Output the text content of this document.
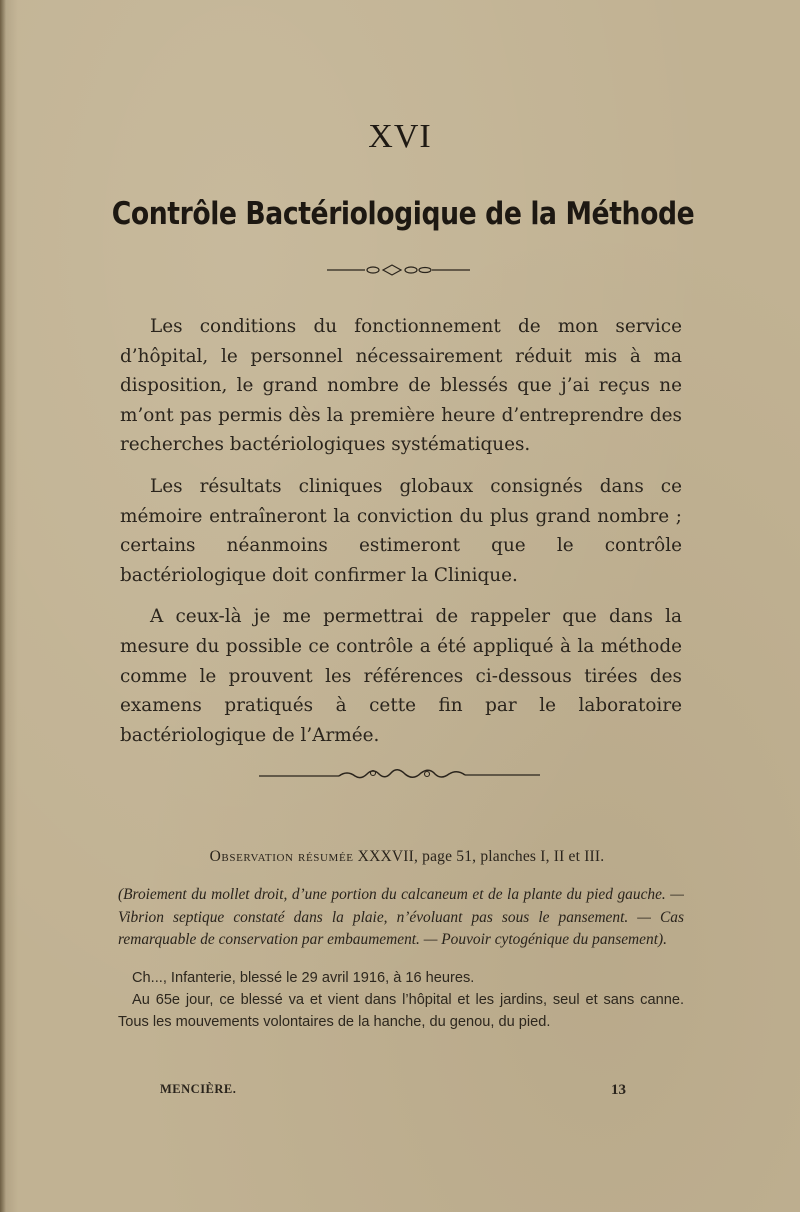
XVI
Contrôle Bactériologique de la Méthode

Les conditions du fonctionnement de mon service d’hôpital, le personnel nécessairement réduit mis à ma disposition, le grand nombre de blessés que j’ai reçus ne m’ont pas permis dès la première heure d’entreprendre des recherches bactériologiques systématiques.

Les résultats cliniques globaux consignés dans ce mémoire entraîneront la conviction du plus grand nombre ; certains néanmoins estimeront que le contrôle bactériologique doit confirmer la Clinique.

A ceux-là je me permettrai de rappeler que dans la mesure du possible ce contrôle a été appliqué à la méthode comme le prouvent les références ci-dessous tirées des examens pratiqués à cette fin par le laboratoire bactériologique de l’Armée.

Observation résumée XXXVII, page 51, planches I, II et III.
(Broiement du mollet droit, d’une portion du calcaneum et de la plante du pied gauche. — Vibrion septique constaté dans la plaie, n’évoluant pas sous le pansement. — Cas remarquable de conservation par embaumement. — Pouvoir cytogénique du pansement).

Ch..., Infanterie, blessé le 29 avril 1916, à 16 heures.

Au 65e jour, ce blessé va et vient dans l’hôpital et les jardins, seul et sans canne. Tous les mouvements volontaires de la hanche, du genou, du pied.

MENCIÈRE.	13
